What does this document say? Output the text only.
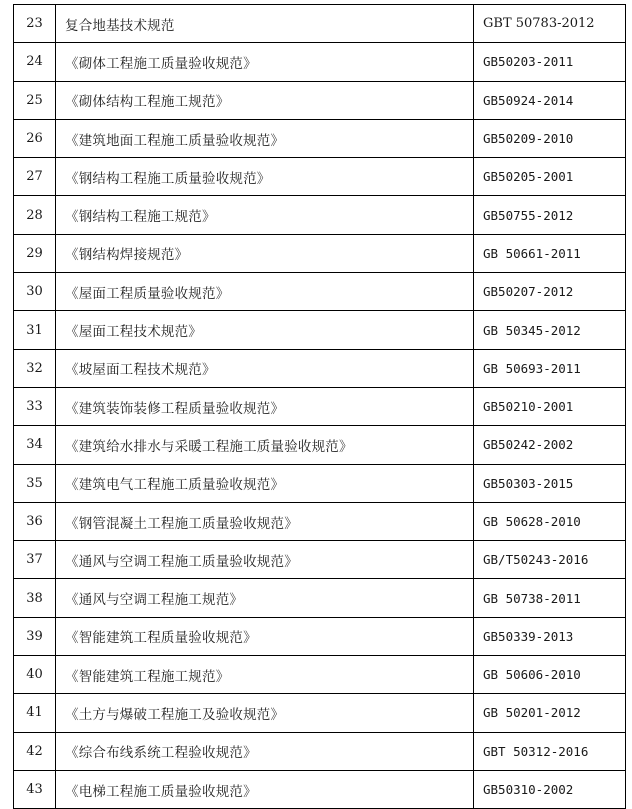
23	复合地基技术规范	GBT 50783-2012
24	《砌体工程施工质量验收规范》	GB50203-2011
25	《砌体结构工程施工规范》	GB50924-2014
26	《建筑地面工程施工质量验收规范》	GB50209-2010
27	《钢结构工程施工质量验收规范》	GB50205-2001
28	《钢结构工程施工规范》	GB50755-2012
29	《钢结构焊接规范》	GB 50661-2011
30	《屋面工程质量验收规范》	GB50207-2012
31	《屋面工程技术规范》	GB 50345-2012
32	《坡屋面工程技术规范》	GB 50693-2011
33	《建筑装饰装修工程质量验收规范》	GB50210-2001
34	《建筑给水排水与采暖工程施工质量验收规范》	GB50242-2002
35	《建筑电气工程施工质量验收规范》	GB50303-2015
36	《钢管混凝土工程施工质量验收规范》	GB 50628-2010
37	《通风与空调工程施工质量验收规范》	GB/T50243-2016
38	《通风与空调工程施工规范》	GB 50738-2011
39	《智能建筑工程质量验收规范》	GB50339-2013
40	《智能建筑工程施工规范》	GB 50606-2010
41	《土方与爆破工程施工及验收规范》	GB 50201-2012
42	《综合布线系统工程验收规范》	GBT 50312-2016
43	《电梯工程施工质量验收规范》	GB50310-2002
